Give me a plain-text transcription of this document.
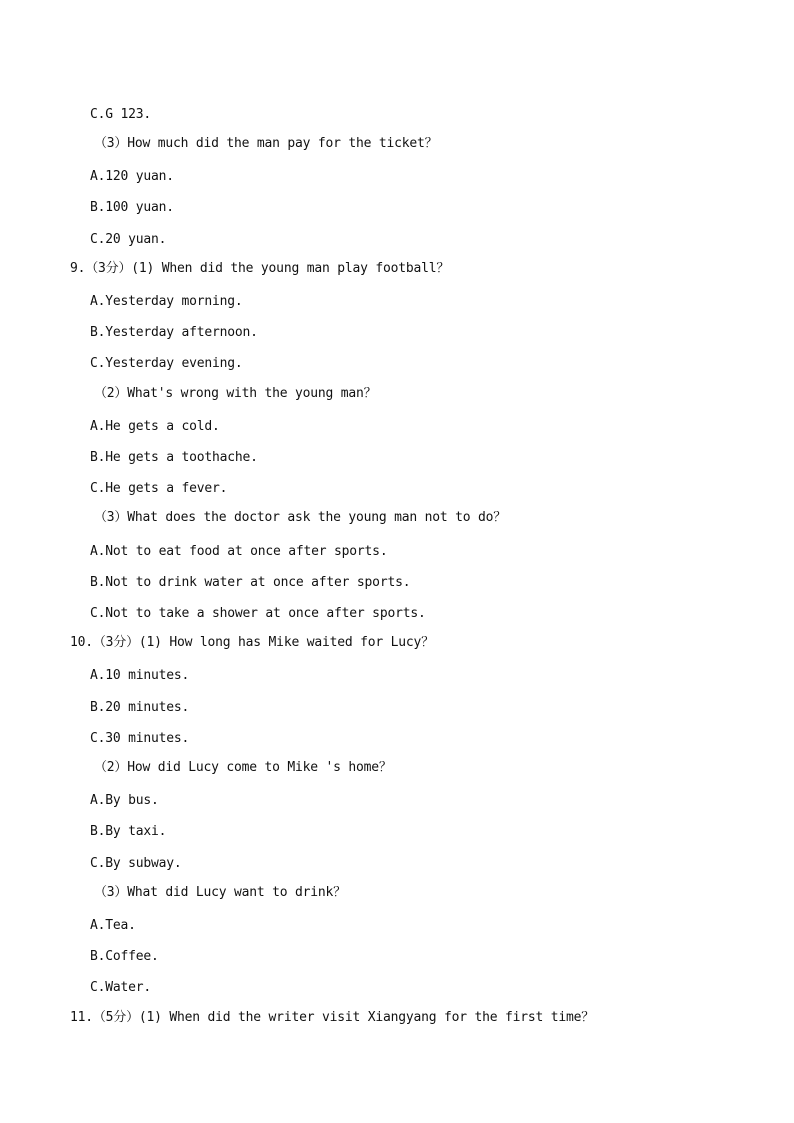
C.G 123.
（3）How much did the man pay for the ticket？
A.120 yuan.
B.100 yuan.
C.20 yuan.
9.（3分）(1) When did the young man play football？
A.Yesterday morning.
B.Yesterday afternoon.
C.Yesterday evening.
（2）What's wrong with the young man？
A.He gets a cold.
B.He gets a toothache.
C.He gets a fever.
（3）What does the doctor ask the young man not to do？
A.Not to eat food at once after sports.
B.Not to drink water at once after sports.
C.Not to take a shower at once after sports.
10.（3分）(1) How long has Mike waited for Lucy？
A.10 minutes.
B.20 minutes.
C.30 minutes.
（2）How did Lucy come to Mike 's home？
A.By bus.
B.By taxi.
C.By subway.
（3）What did Lucy want to drink？
A.Tea.
B.Coffee.
C.Water.
11.（5分）(1) When did the writer visit Xiangyang for the first time？
